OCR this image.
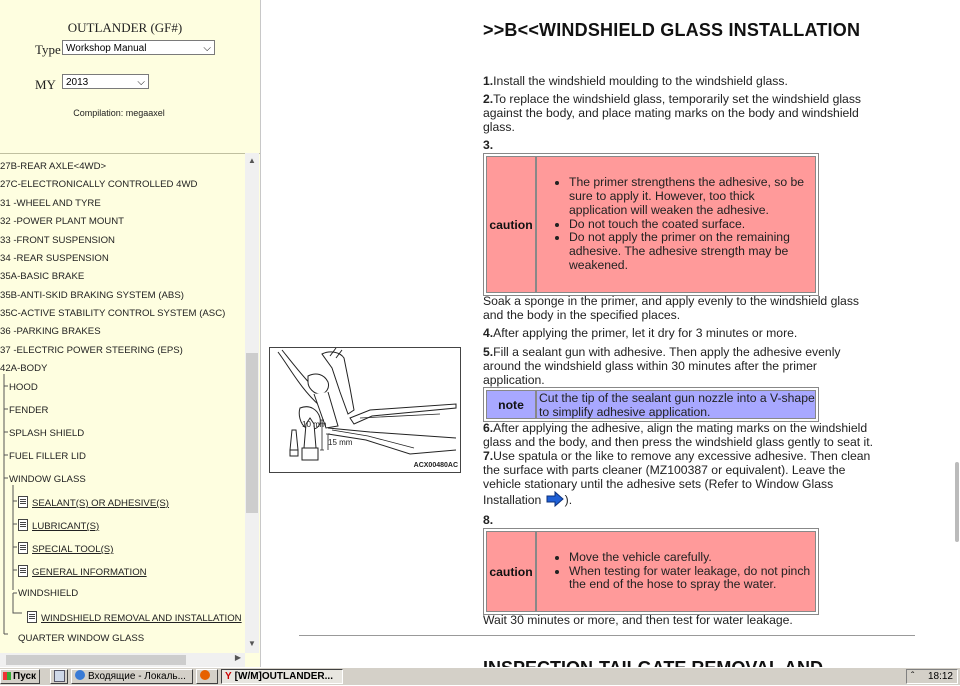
OUTLANDER (GF#)
Type Workshop Manual	⌵
MY	2013	⌵
Compilation: megaaxel
27B-REAR AXLE<4WD>
27C-ELECTRONICALLY CONTROLLED 4WD
31 -WHEEL AND TYRE
32 -POWER PLANT MOUNT
33 -FRONT SUSPENSION
34 -REAR SUSPENSION
35A-BASIC BRAKE
35B-ANTI-SKID BRAKING SYSTEM (ABS)
35C-ACTIVE STABILITY CONTROL SYSTEM (ASC)
36 -PARKING BRAKES
37 -ELECTRIC POWER STEERING (EPS)
42A-BODY
HOOD
FENDER
SPLASH SHIELD
FUEL FILLER LID
WINDOW GLASS
SEALANT(S) OR ADHESIVE(S)
LUBRICANT(S)
SPECIAL TOOL(S)
GENERAL INFORMATION
WINDSHIELD
WINDSHIELD REMOVAL AND INSTALLATION
QUARTER WINDOW GLASS
▲
▼
▶
>>B<<WINDSHIELD GLASS INSTALLATION
1.Install the windshield moulding to the windshield glass.
2.To replace the windshield glass, temporarily set the windshield glass against the body, and place mating marks on the body and windshield glass.
3.
caution
• The primer strengthens the adhesive, so be sure to apply it. However, too thick application will weaken the adhesive.
• Do not touch the coated surface.
• Do not apply the primer on the remaining adhesive. The adhesive strength may be weakened.
Soak a sponge in the primer, and apply evenly to the windshield glass and the body in the specified places.
4.After applying the primer, let it dry for 3 minutes or more.
5.Fill a sealant gun with adhesive. Then apply the adhesive evenly around the windshield glass within 30 minutes after the primer application.
note	Cut the tip of the sealant gun nozzle into a V-shape to simplify adhesive application.
6.After applying the adhesive, align the mating marks on the windshield glass and the body, and then press the windshield glass gently to seat it.
7.Use spatula or the like to remove any excessive adhesive. Then clean the surface with parts cleaner (MZ100387 or equivalent). Leave the vehicle stationary until the adhesive sets (Refer to Window Glass Installation ).
8.
caution
• Move the vehicle carefully.
• When testing for water leakage, do not pinch the end of the hose to spray the water.
Wait 30 minutes or more, and then test for water leakage.
10 mm
15 mm
ACX00480AC
Пуск	Входящие - Локаль...	Y [W/M]OUTLANDER...	ˆ 18:12
